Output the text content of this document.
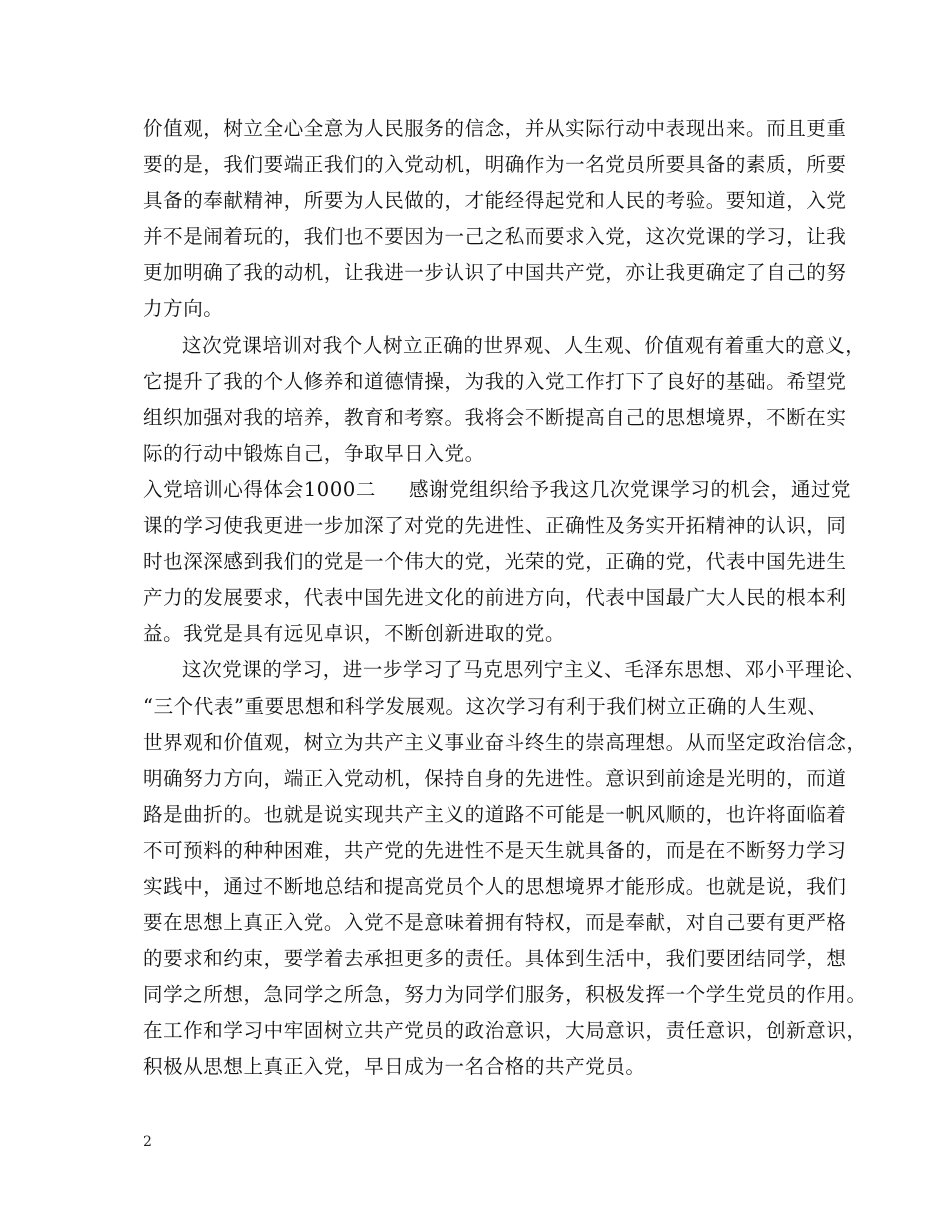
价值观，树立全心全意为人民服务的信念，并从实际行动中表现出来。而且更重
要的是，我们要端正我们的入党动机，明确作为一名党员所要具备的素质，所要
具备的奉献精神，所要为人民做的，才能经得起党和人民的考验。要知道，入党
并不是闹着玩的，我们也不要因为一己之私而要求入党，这次党课的学习，让我
更加明确了我的动机，让我进一步认识了中国共产党，亦让我更确定了自己的努
力方向。
这次党课培训对我个人树立正确的世界观、人生观、价值观有着重大的意义，
它提升了我的个人修养和道德情操，为我的入党工作打下了良好的基础。希望党
组织加强对我的培养，教育和考察。我将会不断提高自己的思想境界，不断在实
际的行动中锻炼自己，争取早日入党。
入党培训心得体会1000二 感谢党组织给予我这几次党课学习的机会，通过党
课的学习使我更进一步加深了对党的先进性、正确性及务实开拓精神的认识，同
时也深深感到我们的党是一个伟大的党，光荣的党，正确的党，代表中国先进生
产力的发展要求，代表中国先进文化的前进方向，代表中国最广大人民的根本利
益。我党是具有远见卓识，不断创新进取的党。
这次党课的学习，进一步学习了马克思列宁主义、毛泽东思想、邓小平理论、
“三个代表”重要思想和科学发展观。这次学习有利于我们树立正确的人生观、
世界观和价值观，树立为共产主义事业奋斗终生的崇高理想。从而坚定政治信念，
明确努力方向，端正入党动机，保持自身的先进性。意识到前途是光明的，而道
路是曲折的。也就是说实现共产主义的道路不可能是一帆风顺的，也许将面临着
不可预料的种种困难，共产党的先进性不是天生就具备的，而是在不断努力学习
实践中，通过不断地总结和提高党员个人的思想境界才能形成。也就是说，我们
要在思想上真正入党。入党不是意味着拥有特权，而是奉献，对自己要有更严格
的要求和约束，要学着去承担更多的责任。具体到生活中，我们要团结同学，想
同学之所想，急同学之所急，努力为同学们服务，积极发挥一个学生党员的作用。
在工作和学习中牢固树立共产党员的政治意识，大局意识，责任意识，创新意识，
积极从思想上真正入党，早日成为一名合格的共产党员。
2
